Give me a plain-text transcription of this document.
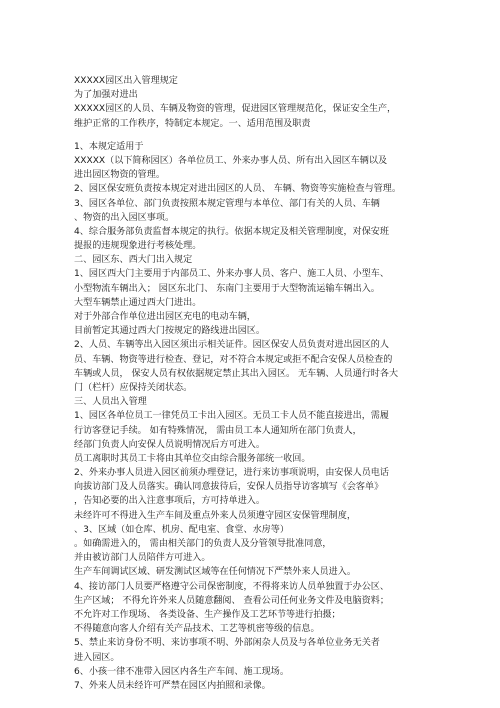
XXXXX园区出入管理规定
为了加强对进出
XXXXX园区的人员、车辆及物资的管理，促进园区管理规范化，保证安全生产，
维护正常的工作秩序，特制定本规定。一、适用范围及职责
1、本规定适用于
XXXXX（以下简称园区）各单位员工、外来办事人员、所有出入园区车辆以及
进出园区物资的管理。
2、园区保安班负责按本规定对进出园区的人员、 车辆、物资等实施检查与管理。
3、园区各单位、部门负责按照本规定管理与本单位、部门有关的人员、车辆
、物资的出入园区事项。
4、综合服务部负责监督本规定的执行。依据本规定及相关管理制度，对保安班
提报的违规现象进行考核处理。
二、园区东、西大门出入规定
1、园区西大门主要用于内部员工、外来办事人员、客户、施工人员、小型车、
小型物流车辆出入； 园区东北门、 东南门主要用于大型物流运输车辆出入。
大型车辆禁止通过西大门进出。
对于外部合作单位进出园区充电的电动车辆，
目前暂定其通过西大门按规定的路线进出园区。
2、人员、车辆等出入园区须出示相关证件。园区保安人员负责对进出园区的人
员、车辆、物资等进行检查、登记，对不符合本规定或拒不配合安保人员检查的
车辆或人员， 保安人员有权依据规定禁止其出入园区。 无车辆、人员通行时各大
门（栏杆）应保持关闭状态。
三、人员出入管理
1、园区各单位员工一律凭员工卡出入园区。无员工卡人员不能直接进出，需履
行访客登记手续。 如有特殊情况， 需由员工本人通知所在部门负责人，
经部门负责人向安保人员说明情况后方可进入。
员工离职时其员工卡将由其单位交由综合服务部统一收回。
2、外来办事人员进入园区前须办理登记，进行来访事项说明，由安保人员电话
向拔访部门及人员落实。确认同意拔待后，安保人员指导访客填写《会客单》
，告知必要的出入注意事项后，方可持单进入。
未经许可不得进入生产车间及重点外来人员须遵守园区安保管理制度，
、3、区域（如仓库、机房、配电室、食堂、水房等）
。如确需进入的， 需由相关部门的负责人及分管领导批准同意，
并由被访部门人员陪伴方可进入。
生产车间调试区域、研发测试区域等在任何情况下严禁外来人员进入。
4、接访部门人员要严格遵守公司保密制度，不得将来访人员单独置于办公区、
生产区域； 不得允许外来人员随意翻阅、 查看公司任何业务文件及电脑资料；
不允许对工作现场、 各类设备、生产操作及工艺环节等进行拍摄；
不得随意向客人介绍有关产品技术、工艺等机密等级的信息。
5、禁止来访身份不明、来访事项不明、外部闲杂人员及与各单位业务无关者
进入园区。
6、小孩一律不准带入园区内各生产车间、施工现场。
7、外来人员未经许可严禁在园区内拍照和录像。
